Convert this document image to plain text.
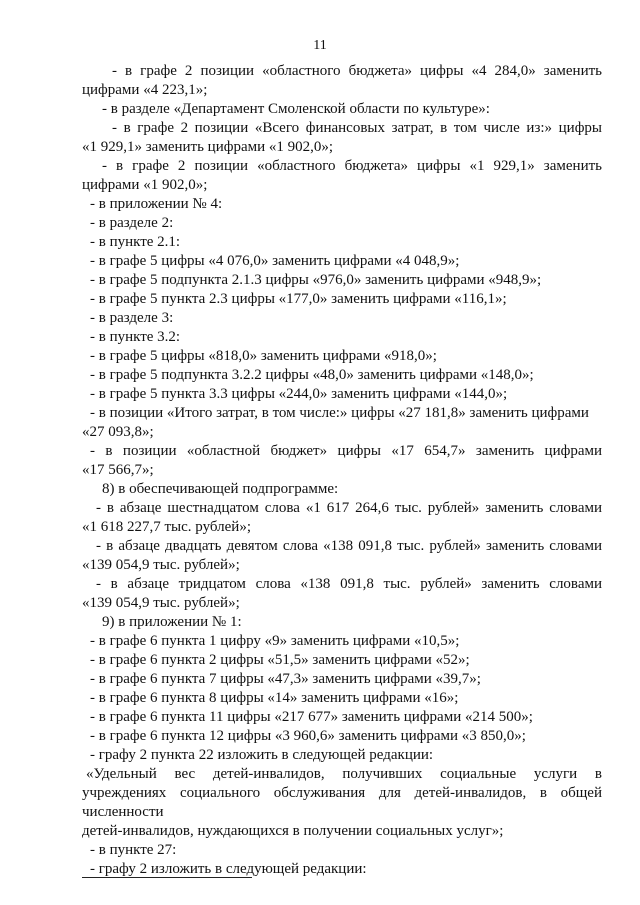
11
- в графе 2 позиции «областного бюджета» цифры «4 284,0» заменить
цифрами «4 223,1»;
- в разделе «Департамент Смоленской области по культуре»:
- в графе 2 позиции «Всего финансовых затрат, в том числе из:» цифры
«1 929,1» заменить цифрами «1 902,0»;
- в графе 2 позиции «областного бюджета» цифры «1 929,1» заменить
цифрами «1 902,0»;
- в приложении № 4:
- в разделе 2:
- в пункте 2.1:
- в графе 5 цифры «4 076,0» заменить цифрами «4 048,9»;
- в графе 5 подпункта 2.1.3 цифры «976,0» заменить цифрами «948,9»;
- в графе 5 пункта 2.3 цифры «177,0» заменить цифрами «116,1»;
- в разделе 3:
- в пункте 3.2:
- в графе 5 цифры «818,0» заменить цифрами «918,0»;
- в графе 5 подпункта 3.2.2 цифры «48,0» заменить цифрами «148,0»;
- в графе 5 пункта 3.3 цифры «244,0» заменить цифрами «144,0»;
- в позиции «Итого затрат, в том числе:» цифры «27 181,8» заменить цифрами
«27 093,8»;
- в позиции «областной бюджет» цифры «17 654,7» заменить цифрами
«17 566,7»;
8) в обеспечивающей подпрограмме:
- в абзаце шестнадцатом слова «1 617 264,6 тыс. рублей» заменить словами
«1 618 227,7 тыс. рублей»;
- в абзаце двадцать девятом слова «138 091,8 тыс. рублей» заменить словами
«139 054,9 тыс. рублей»;
- в абзаце тридцатом слова «138 091,8 тыс. рублей» заменить словами
«139 054,9 тыс. рублей»;
9) в приложении № 1:
- в графе 6 пункта 1 цифру «9» заменить цифрами «10,5»;
- в графе 6 пункта 2 цифры «51,5» заменить цифрами «52»;
- в графе 6 пункта 7 цифры «47,3» заменить цифрами «39,7»;
- в графе 6 пункта 8 цифры «14» заменить цифрами «16»;
- в графе 6 пункта 11 цифры «217 677» заменить цифрами «214 500»;
- в графе 6 пункта 12 цифры «3 960,6» заменить цифрами «3 850,0»;
- графу 2 пункта 22 изложить в следующей редакции:
«Удельный вес детей-инвалидов, получивших социальные услуги в
учреждениях социального обслуживания для детей-инвалидов, в общей численности
детей-инвалидов, нуждающихся в получении социальных услуг»;
- в пункте 27:
- графу 2 изложить в следующей редакции:
